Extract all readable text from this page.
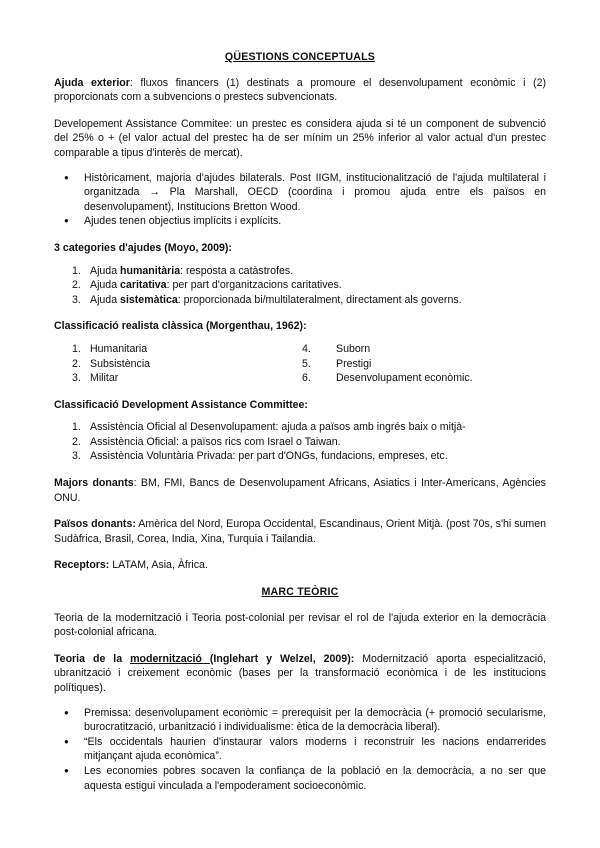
QÜESTIONS CONCEPTUALS

Ajuda exterior: fluxos financers (1) destinats a promoure el desenvolupament econòmic i (2) proporcionats com a subvencions o prestecs subvencionats.

Developement Assistance Commitee: un prestec es considera ajuda si té un component de subvenció del 25% o + (el valor actual del prestec ha de ser mínim un 25% inferior al valor actual d'un prestec comparable a tipus d'interès de mercat).

● Històricament, majoria d'ajudes bilaterals. Post IIGM, institucionalització de l'ajuda multilateral i organitzada → Pla Marshall, OECD (coordina i promou ajuda entre els països en desenvolupament), Institucions Bretton Wood.
● Ajudes tenen objectius implícits i explícits.
3 categories d'ajudes (Moyo, 2009):
1. Ajuda humanitària: resposta a catàstrofes.
2. Ajuda caritativa: per part d'organitzacions caritatives.
3. Ajuda sistemàtica: proporcionada bi/multilateralment, directament als governs.
Classificació realista clàssica (Morgenthau, 1962):
1. Humanitaria
2. Subsistència
3. Militar
4. Suborn
5. Prestigi
6. Desenvolupament econòmic.
Classificació Development Assistance Committee:
1. Assistència Oficial al Desenvolupament: ajuda a països amb ingrés baix o mitjà-
2. Assistència Oficial: a països rics com Israel o Taiwan.
3. Assistència Voluntària Privada: per part d'ONGs, fundacions, empreses, etc.

Majors donants: BM, FMI, Bancs de Desenvolupament Africans, Asiatics i Inter-Americans, Agències ONU.

Països donants: Amèrica del Nord, Europa Occidental, Escandinaus, Orient Mitjà. (post 70s, s'hi sumen Sudàfrica, Brasil, Corea, India, Xina, Turquia i Tailandia.

Receptors: LATAM, Asia, Àfrica.

MARC TEÒRIC

Teoria de la modernització i Teoria post-colonial per revisar el rol de l'ajuda exterior en la democràcia post-colonial africana.

Teoria de la modernització (Inglehart y Welzel, 2009): Modernització aporta especialització, ubranització i creixement econòmic (bases per la transformació econòmica i de les institucions polítiques).

● Premissa: desenvolupament econòmic = prerequisit per la democràcia (+ promoció secularisme, burocratització, urbanització i individualisme: ètica de la democràcia liberal).
● “Els occidentals haurien d'instaurar valors moderns i reconstruir les nacions endarrerides mitjançant ajuda econòmica”.
● Les economies pobres socaven la confiança de la població en la democràcia, a no ser que aquesta estigui vinculada a l'empoderament socioeconòmic.
